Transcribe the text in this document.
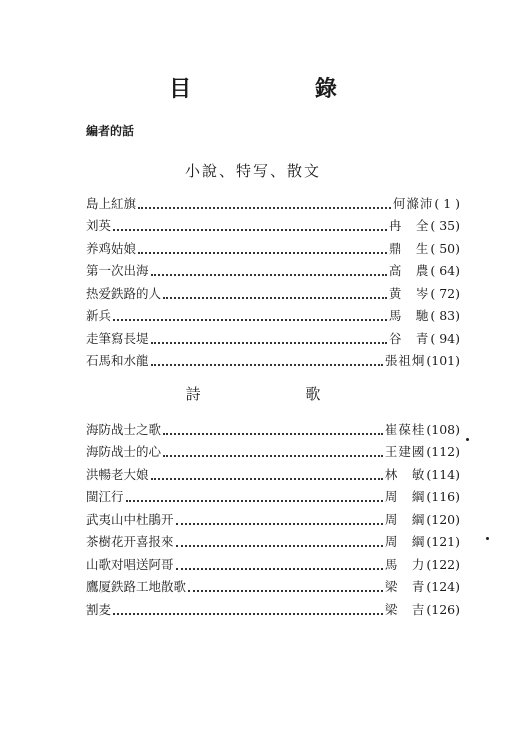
目 錄
編者的話
小說、特写、散文
島上紅旗	何滌沛 ( 1 )
刘英	冉　全 ( 35)
养鸡姑娘	鼎　生 ( 50)
第一次出海	高　農 ( 64)
热爱鉄路的人	黄　岑 ( 72)
新兵	馬　馳 ( 83)
走筆寫長堤	谷　青 ( 94)
石馬和水龍	張祖炯 (101)
詩 歌
海防战士之歌	崔葆桂 (108)
海防战士的心	王建國 (112)
洪暢老大娘	林　敏 (114)
閩江行	周　綱 (116)
武夷山中杜鵑开	周　綱 (120)
茶樹花开喜报來	周　綱 (121)
山歌对唱送阿哥	馬　力 (122)
鷹厦鉄路工地散歌	梁　青 (124)
割麦	梁　吉 (126)
